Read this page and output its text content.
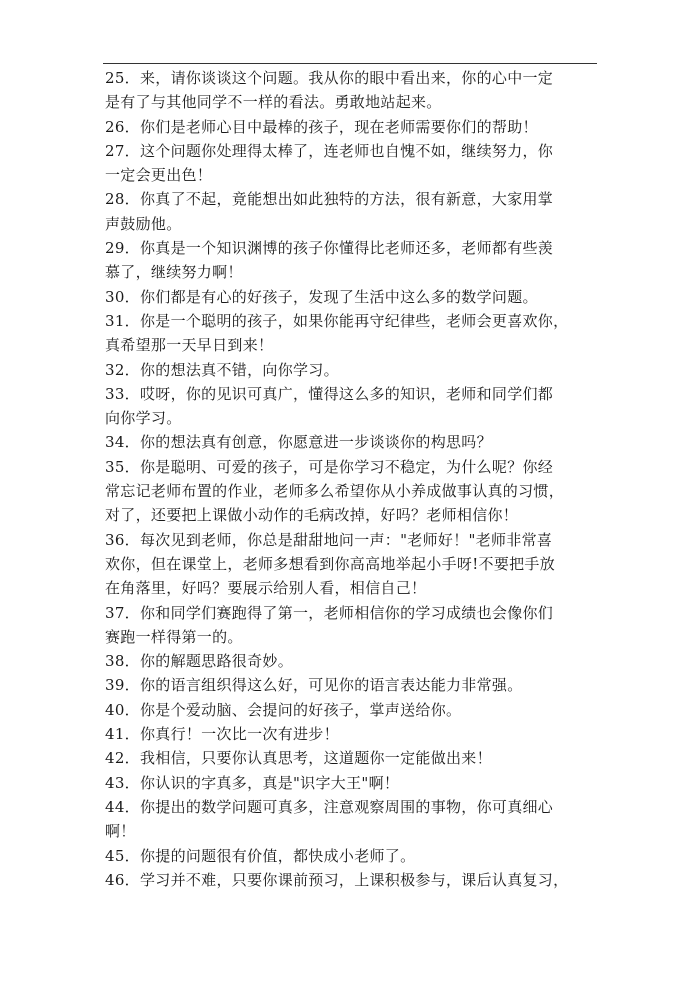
25．来，请你谈谈这个问题。我从你的眼中看出来，你的心中一定
是有了与其他同学不一样的看法。勇敢地站起来。
26．你们是老师心目中最棒的孩子，现在老师需要你们的帮助！
27．这个问题你处理得太棒了，连老师也自愧不如，继续努力，你
一定会更出色！
28．你真了不起，竟能想出如此独特的方法，很有新意，大家用掌
声鼓励他。
29．你真是一个知识渊博的孩子你懂得比老师还多，老师都有些羡
慕了，继续努力啊！
30．你们都是有心的好孩子，发现了生活中这么多的数学问题。
31．你是一个聪明的孩子，如果你能再守纪律些，老师会更喜欢你，
真希望那一天早日到来！
32．你的想法真不错，向你学习。
33．哎呀，你的见识可真广，懂得这么多的知识，老师和同学们都
向你学习。
34．你的想法真有创意，你愿意进一步谈谈你的构思吗？
35．你是聪明、可爱的孩子，可是你学习不稳定，为什么呢？你经
常忘记老师布置的作业，老师多么希望你从小养成做事认真的习惯，
对了，还要把上课做小动作的毛病改掉，好吗？老师相信你！
36．每次见到老师，你总是甜甜地问一声："老师好！"老师非常喜
欢你，但在课堂上，老师多想看到你高高地举起小手呀!不要把手放
在角落里，好吗？要展示给别人看，相信自己！
37．你和同学们赛跑得了第一，老师相信你的学习成绩也会像你们
赛跑一样得第一的。
38．你的解题思路很奇妙。
39．你的语言组织得这么好，可见你的语言表达能力非常强。
40．你是个爱动脑、会提问的好孩子，掌声送给你。
41．你真行！一次比一次有进步！
42．我相信，只要你认真思考，这道题你一定能做出来！
43．你认识的字真多，真是"识字大王"啊！
44．你提出的数学问题可真多，注意观察周围的事物，你可真细心
啊！
45．你提的问题很有价值，都快成小老师了。
46．学习并不难，只要你课前预习，上课积极参与，课后认真复习，
